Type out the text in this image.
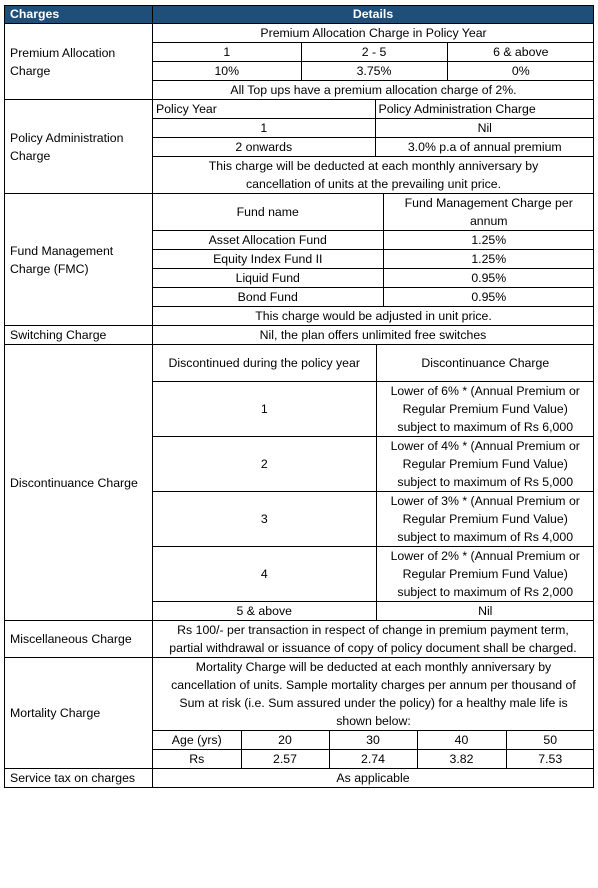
Charges	Details
Premium Allocation Charge	
Premium Allocation Charge in Policy Year
1	2 - 5	6 & above
10%	3.75%	0%
All Top ups have a premium allocation charge of 2%.

Policy Administration Charge	
Policy Year	Policy Administration Charge
1	Nil
2 onwards	3.0% p.a of annual premium
This charge will be deducted at each monthly anniversary by cancellation of units at the prevailing unit price.

Fund Management Charge (FMC)	
Fund name	Fund Management Charge per annum
Asset Allocation Fund	1.25%
Equity Index Fund II	1.25%
Liquid Fund	0.95%
Bond Fund	0.95%
This charge would be adjusted in unit price.

Switching Charge	Nil, the plan offers unlimited free switches
Discontinuance Charge	
Discontinued during the policy year	Discontinuance Charge
1	Lower of 6% * (Annual Premium or Regular Premium Fund Value) subject to maximum of Rs 6,000
2	Lower of 4% * (Annual Premium or Regular Premium Fund Value) subject to maximum of Rs 5,000
3	Lower of 3% * (Annual Premium or Regular Premium Fund Value) subject to maximum of Rs 4,000
4	Lower of 2% * (Annual Premium or Regular Premium Fund Value) subject to maximum of Rs 2,000
5 & above	Nil

Miscellaneous Charge	Rs 100/- per transaction in respect of change in premium payment term, partial withdrawal or issuance of copy of policy document shall be charged.
Mortality Charge	
Mortality Charge will be deducted at each monthly anniversary by cancellation of units. Sample mortality charges per annum per thousand of Sum at risk (i.e. Sum assured under the policy) for a healthy male life is shown below:
Age (yrs)	20	30	40	50
Rs	2.57	2.74	3.82	7.53

Service tax on charges	As applicable
